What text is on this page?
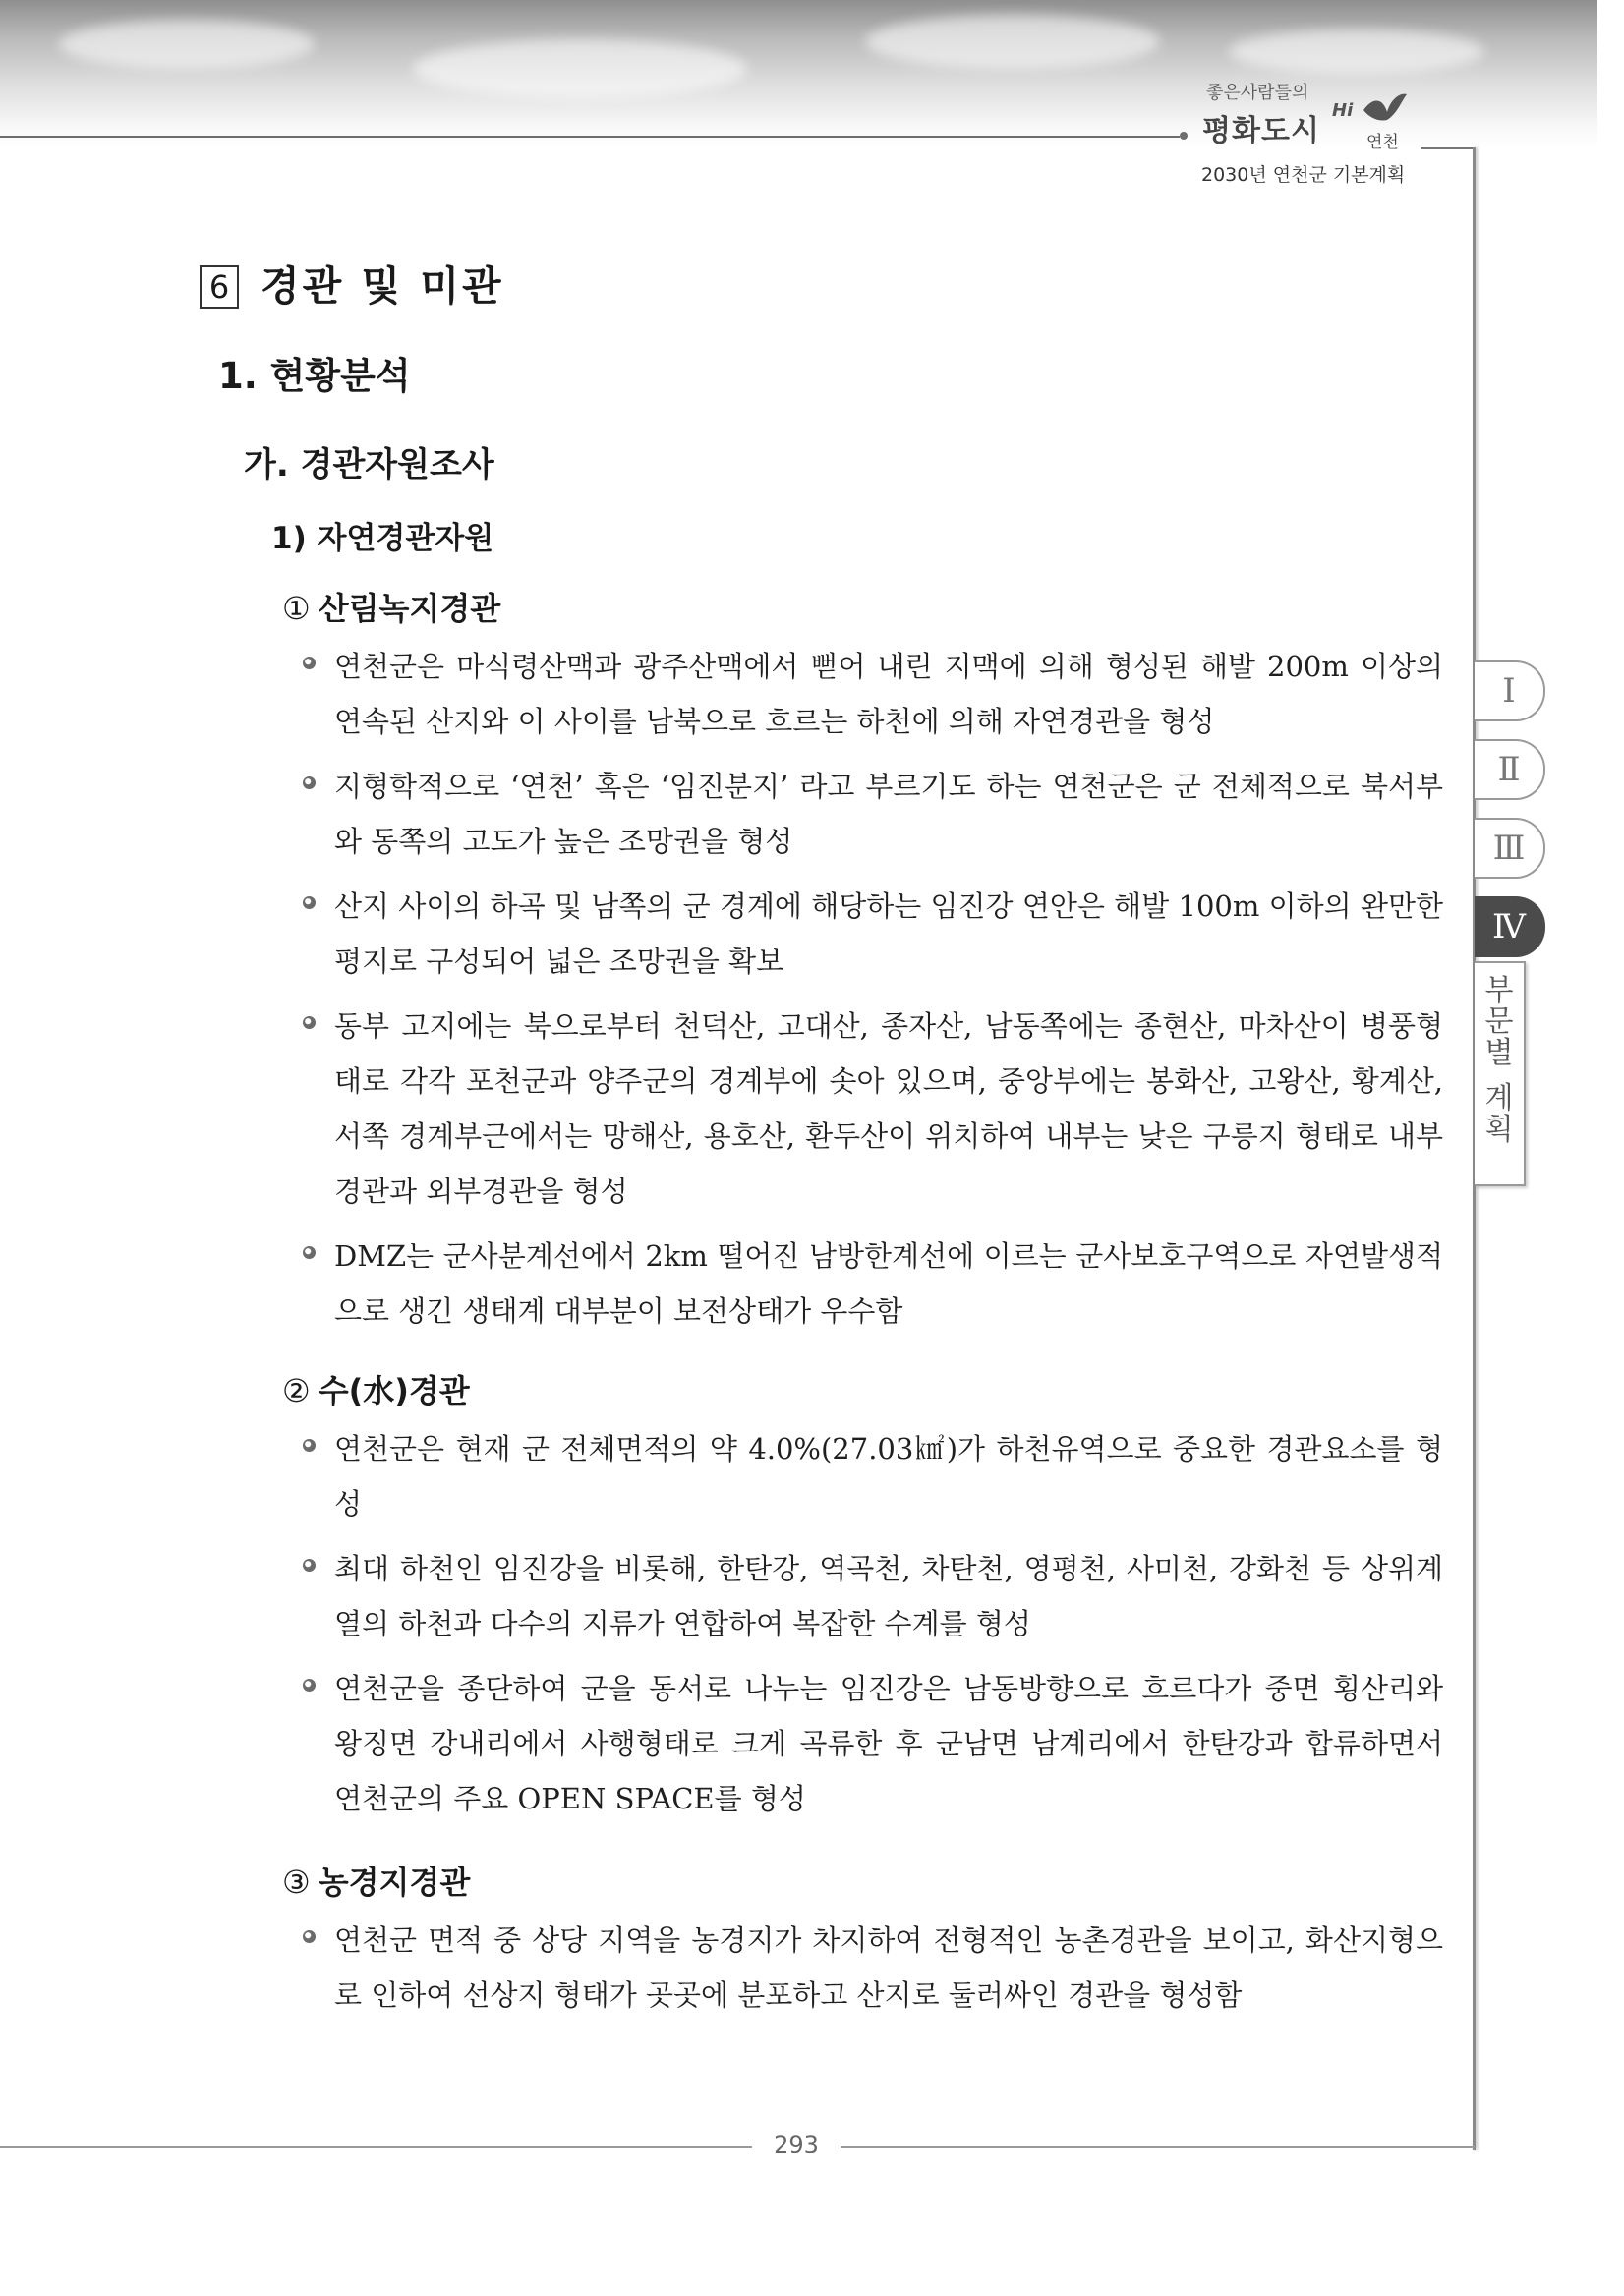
좋은사람들의
평화도시
Hi
연천
2030년 연천군 기본계획
Ⅰ
Ⅱ
Ⅲ
Ⅳ
부
문
별
계
획
6 경관 및 미관
1. 현황분석
가. 경관자원조사
1) 자연경관자원
① 산림녹지경관
연천군은 마식령산맥과 광주산맥에서 뻗어 내린 지맥에 의해 형성된 해발 200m 이상의 연속된 산지와 이 사이를 남북으로 흐르는 하천에 의해 자연경관을 형성
지형학적으로 ‘연천’ 혹은 ‘임진분지’ 라고 부르기도 하는 연천군은 군 전체적으로 북서부와 동쪽의 고도가 높은 조망권을 형성
산지 사이의 하곡 및 남쪽의 군 경계에 해당하는 임진강 연안은 해발 100m 이하의 완만한 평지로 구성되어 넓은 조망권을 확보
동부 고지에는 북으로부터 천덕산, 고대산, 종자산, 남동쪽에는 종현산, 마차산이 병풍형태로 각각 포천군과 양주군의 경계부에 솟아 있으며, 중앙부에는 봉화산, 고왕산, 황계산, 서쪽 경계부근에서는 망해산, 용호산, 환두산이 위치하여 내부는 낮은 구릉지 형태로 내부경관과 외부경관을 형성
DMZ는 군사분계선에서 2km 떨어진 남방한계선에 이르는 군사보호구역으로 자연발생적으로 생긴 생태계 대부분이 보전상태가 우수함
② 수(水)경관
연천군은 현재 군 전체면적의 약 4.0%(27.03㎢)가 하천유역으로 중요한 경관요소를 형성
최대 하천인 임진강을 비롯해, 한탄강, 역곡천, 차탄천, 영평천, 사미천, 강화천 등 상위계열의 하천과 다수의 지류가 연합하여 복잡한 수계를 형성
연천군을 종단하여 군을 동서로 나누는 임진강은 남동방향으로 흐르다가 중면 횡산리와 왕징면 강내리에서 사행형태로 크게 곡류한 후 군남면 남계리에서 한탄강과 합류하면서 연천군의 주요 OPEN SPACE를 형성
③ 농경지경관
연천군 면적 중 상당 지역을 농경지가 차지하여 전형적인 농촌경관을 보이고, 화산지형으로 인하여 선상지 형태가 곳곳에 분포하고 산지로 둘러싸인 경관을 형성함
293
